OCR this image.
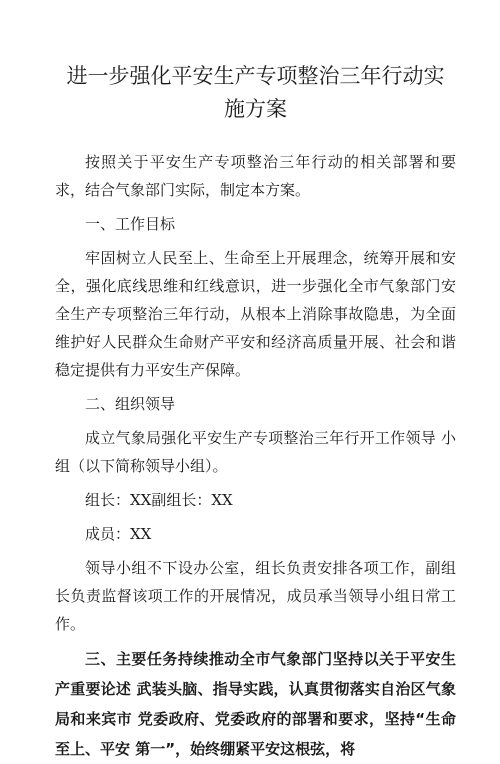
进一步强化平安生产专项整治三年行动实
施方案

按照关于平安生产专项整治三年行动的相关部署和要 求，结合气象部门实际，制定本方案。

一、工作目标

牢固树立人民至上、生命至上开展理念，统筹开展和安 全，强化底线思维和红线意识，进一步强化全市气象部门安 全生产专项整治三年行动，从根本上消除事故隐患，为全面 维护好人民群众生命财产平安和经济高质量开展、社会和谐 稳定提供有力平安生产保障。

二、组织领导

成立气象局强化平安生产专项整治三年行开工作领导 小组（以下简称领导小组）。

组长：XX副组长：XX

成员：XX

领导小组不下设办公室，组长负责安排各项工作，副组 长负责监督该项工作的开展情况，成员承当领导小组日常工 作。

三、主要任务持续推动全市气象部门坚持以关于平安生产重要论述 武装头脑、指导实践，认真贯彻落实自治区气象局和来宾市 党委政府、党委政府的部署和要求，坚持“生命至上、平安 第一”，始终绷紧平安这根弦，将
